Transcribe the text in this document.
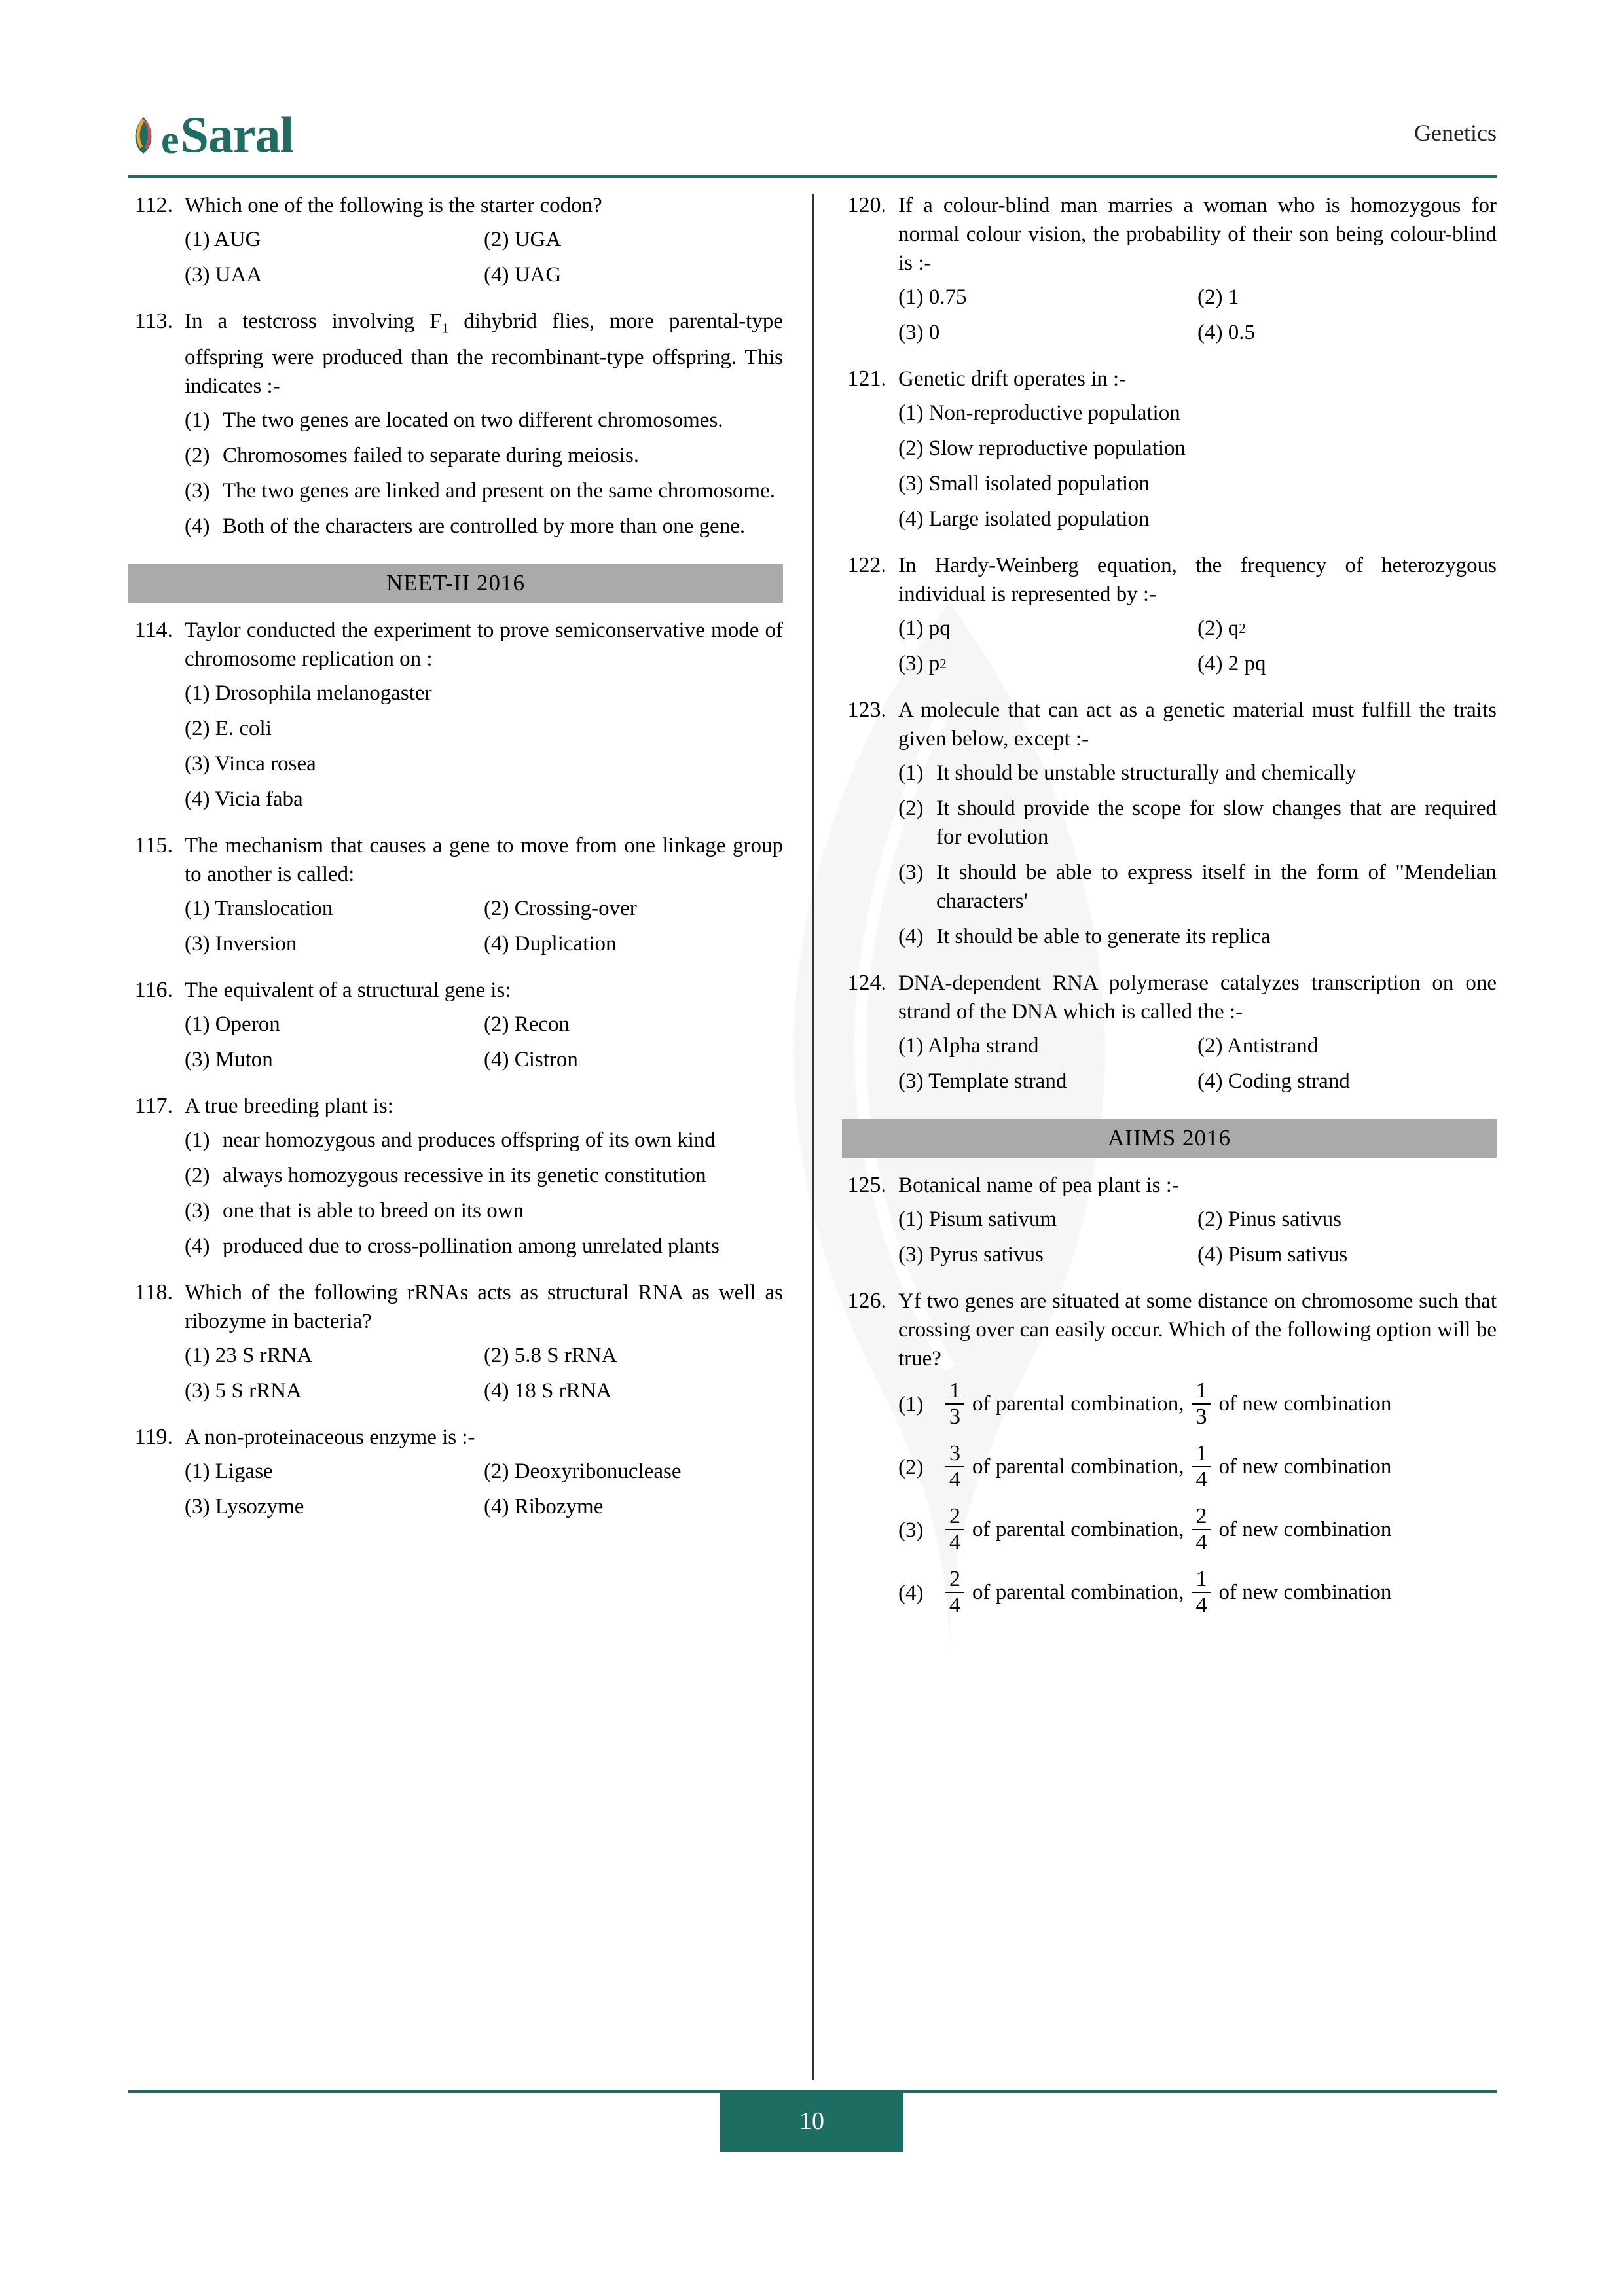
e Saral	Genetics
112. Which one of the following is the starter codon?
(1) AUG	(2) UGA
(3) UAA	(4) UAG
113. In a testcross involving $F_1$ dihybrid flies, more parental-type offspring were produced than the recombinant-type offspring. This indicates :-
(1) The two genes are located on two different chromosomes.
(2) Chromosomes failed to separate during meiosis.
(3) The two genes are linked and present on the same chromosome.
(4) Both of the characters are controlled by more than one gene.
NEET-II 2016
114. Taylor conducted the experiment to prove semiconservative mode of chromosome replication on :
(1) Drosophila melanogaster
(2) E. coli
(3) Vinca rosea
(4) Vicia faba
115. The mechanism that causes a gene to move from one linkage group to another is called:
(1) Translocation	(2) Crossing-over
(3) Inversion	(4) Duplication
116. The equivalent of a structural gene is:
(1) Operon	(2) Recon
(3) Muton	(4) Cistron
117. A true breeding plant is:
(1) near homozygous and produces offspring of its own kind
(2) always homozygous recessive in its genetic constitution
(3) one that is able to breed on its own
(4) produced due to cross-pollination among unrelated plants
118. Which of the following rRNAs acts as structural RNA as well as ribozyme in bacteria?
(1) 23 S rRNA	(2) 5.8 S rRNA
(3) 5 S rRNA	(4) 18 S rRNA
119. A non-proteinaceous enzyme is :-
(1) Ligase	(2) Deoxyribonuclease
(3) Lysozyme	(4) Ribozyme
120. If a colour-blind man marries a woman who is homozygous for normal colour vision, the probability of their son being colour-blind is :-
(1) 0.75	(2) 1
(3) 0	(4) 0.5
121. Genetic drift operates in :-
(1) Non-reproductive population
(2) Slow reproductive population
(3) Small isolated population
(4) Large isolated population
122. In Hardy-Weinberg equation, the frequency of heterozygous individual is represented by :-
(1) pq	(2) q 2
(3) p 2	(4) 2 pq
123. A molecule that can act as a genetic material must fulfill the traits given below, except :-
(1) It should be unstable structurally and chemically
(2) It should provide the scope for slow changes that are required for evolution
(3) It should be able to express itself in the form of "Mendelian characters'
(4) It should be able to generate its replica
124. DNA-dependent RNA polymerase catalyzes transcription on one strand of the DNA which is called the :-
(1) Alpha strand	(2) Antistrand
(3) Template strand	(4) Coding strand
AIIMS 2016
125. Botanical name of pea plant is :-
(1) Pisum sativum	(2) Pinus sativus
(3) Pyrus sativus	(4) Pisum sativus
126. Yf two genes are situated at some distance on chromosome such that crossing over can easily occur. Which of the following option will be true?
$(1) \frac{1}{3}$ of parental combination, $\frac{1}{3}$ of new combination
$(2) \frac{3}{4}$ of parental combination, $\frac{1}{4}$ of new combination
$(3) \frac{2}{4}$ of parental combination, $\frac{2}{4}$ of new combination
$(4) \frac{2}{4}$ of parental combination, $\frac{1}{4}$ of new combination
10
